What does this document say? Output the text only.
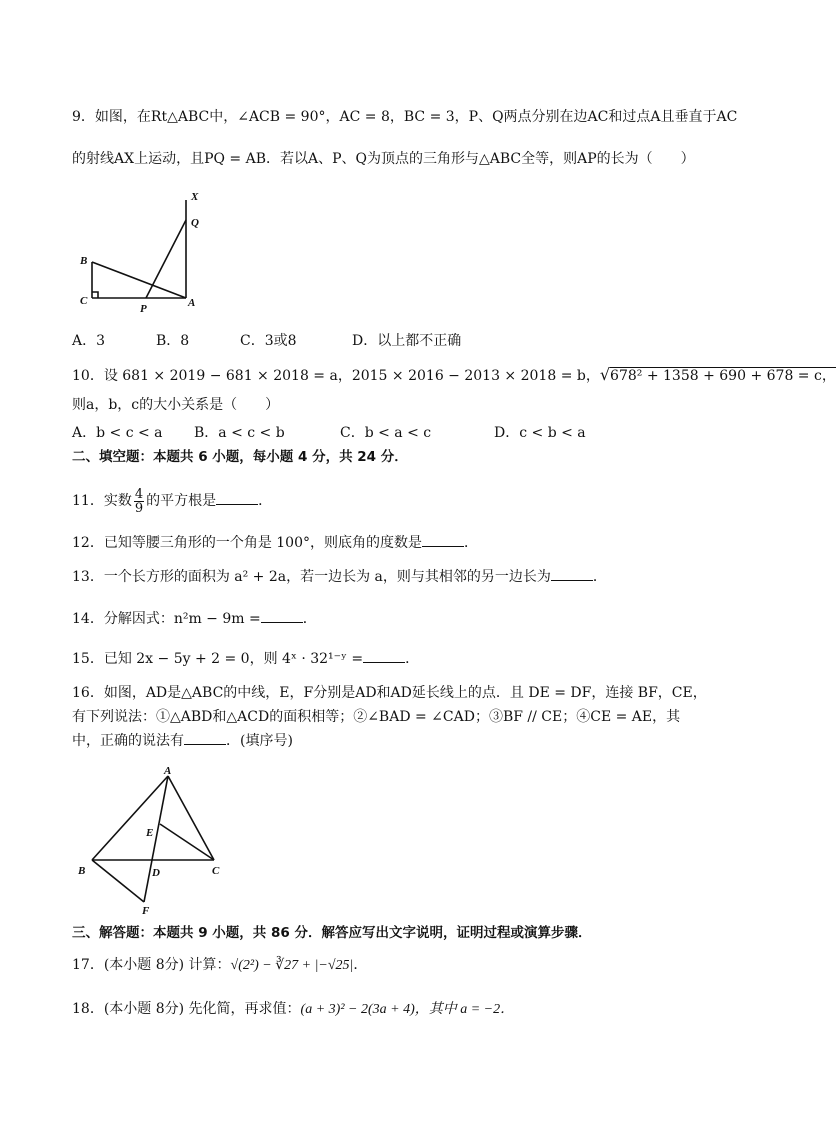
9．如图，在Rt△ABC中，∠ACB = 90°，AC = 8，BC = 3，P、Q两点分别在边AC和过点A且垂直于AC
的射线AX上运动，且PQ = AB．若以A、P、Q为顶点的三角形与△ABC全等，则AP的长为（　　）
X
Q
B
C
P	A
A．3	B．8	C．3或8	D．以上都不正确
10．设 681 × 2019 − 681 × 2018 = a，2015 × 2016 − 2013 × 2018 = b，√678² + 1358 + 690 + 678 = c，
则a，b，c的大小关系是（　　）
A．b < c < a B．a < c < b	C．b < a < c	D．c < b < a
二、填空题：本题共 6 小题，每小题 4 分，共 24 分．
11．实数 $\frac{4}{9}$ 的平方根是	．
12．已知等腰三角形的一个角是 100°，则底角的度数是	．
13．一个长方形的面积为 a² + 2a，若一边长为 a，则与其相邻的另一边长为	．
14．分解因式：n²m − 9m =	．
15．已知 2x − 5y + 2 = 0，则 4ˣ · 32¹⁻ʸ =	．
16．如图，AD是△ABC的中线，E，F分别是AD和AD延长线上的点．且 DE = DF，连接 BF，CE，
有下列说法：①△ABD和△ACD的面积相等；②∠BAD = ∠CAD；③BF // CE；④CE = AE，其
中，正确的说法有	．(填序号)
A
E
B	D	C
F
三、解答题：本题共 9 小题，共 86 分．解答应写出文字说明，证明过程或演算步骤．
17．(本小题 8分) 计算：√(2²) − ∛27 + |−√25|．
18．(本小题 8分) 先化简，再求值：(a + 3)² − 2(3a + 4)，其中 a = −2．
